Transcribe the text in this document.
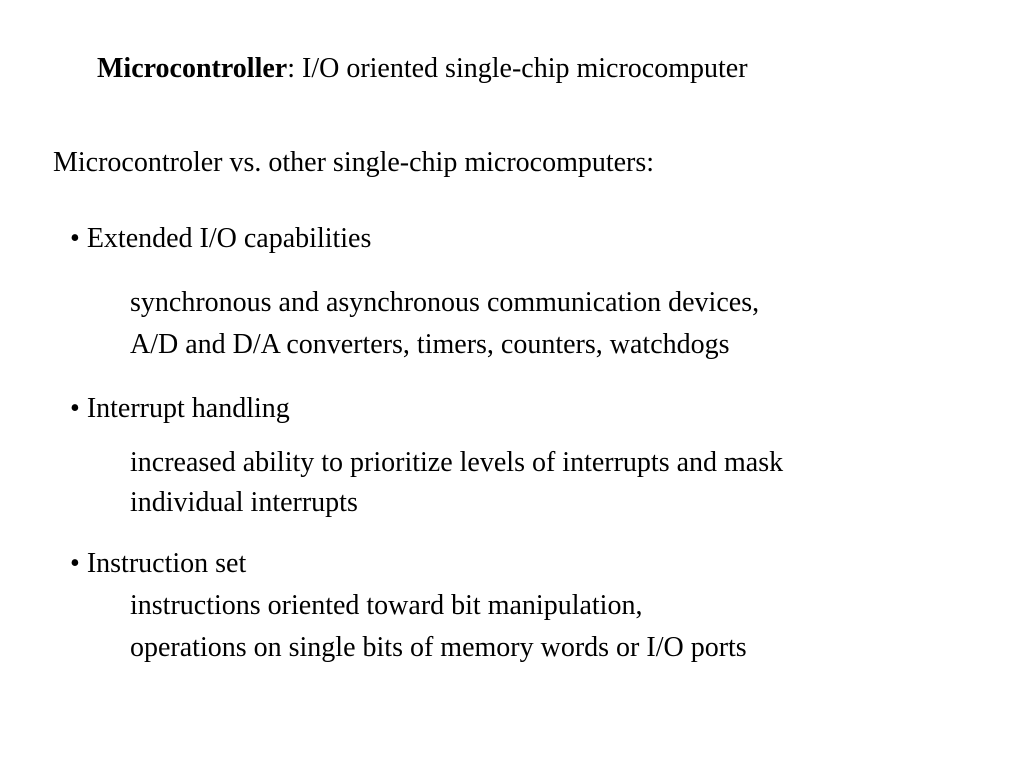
Microcontroller: I/O oriented single-chip microcomputer
Microcontroler vs. other single-chip microcomputers:
• Extended I/O capabilities
synchronous and asynchronous communication devices,
A/D and D/A converters, timers, counters, watchdogs
• Interrupt handling
increased ability to prioritize levels of interrupts and mask
individual interrupts
• Instruction set
instructions oriented toward bit manipulation,
operations on single bits of memory words or I/O ports
